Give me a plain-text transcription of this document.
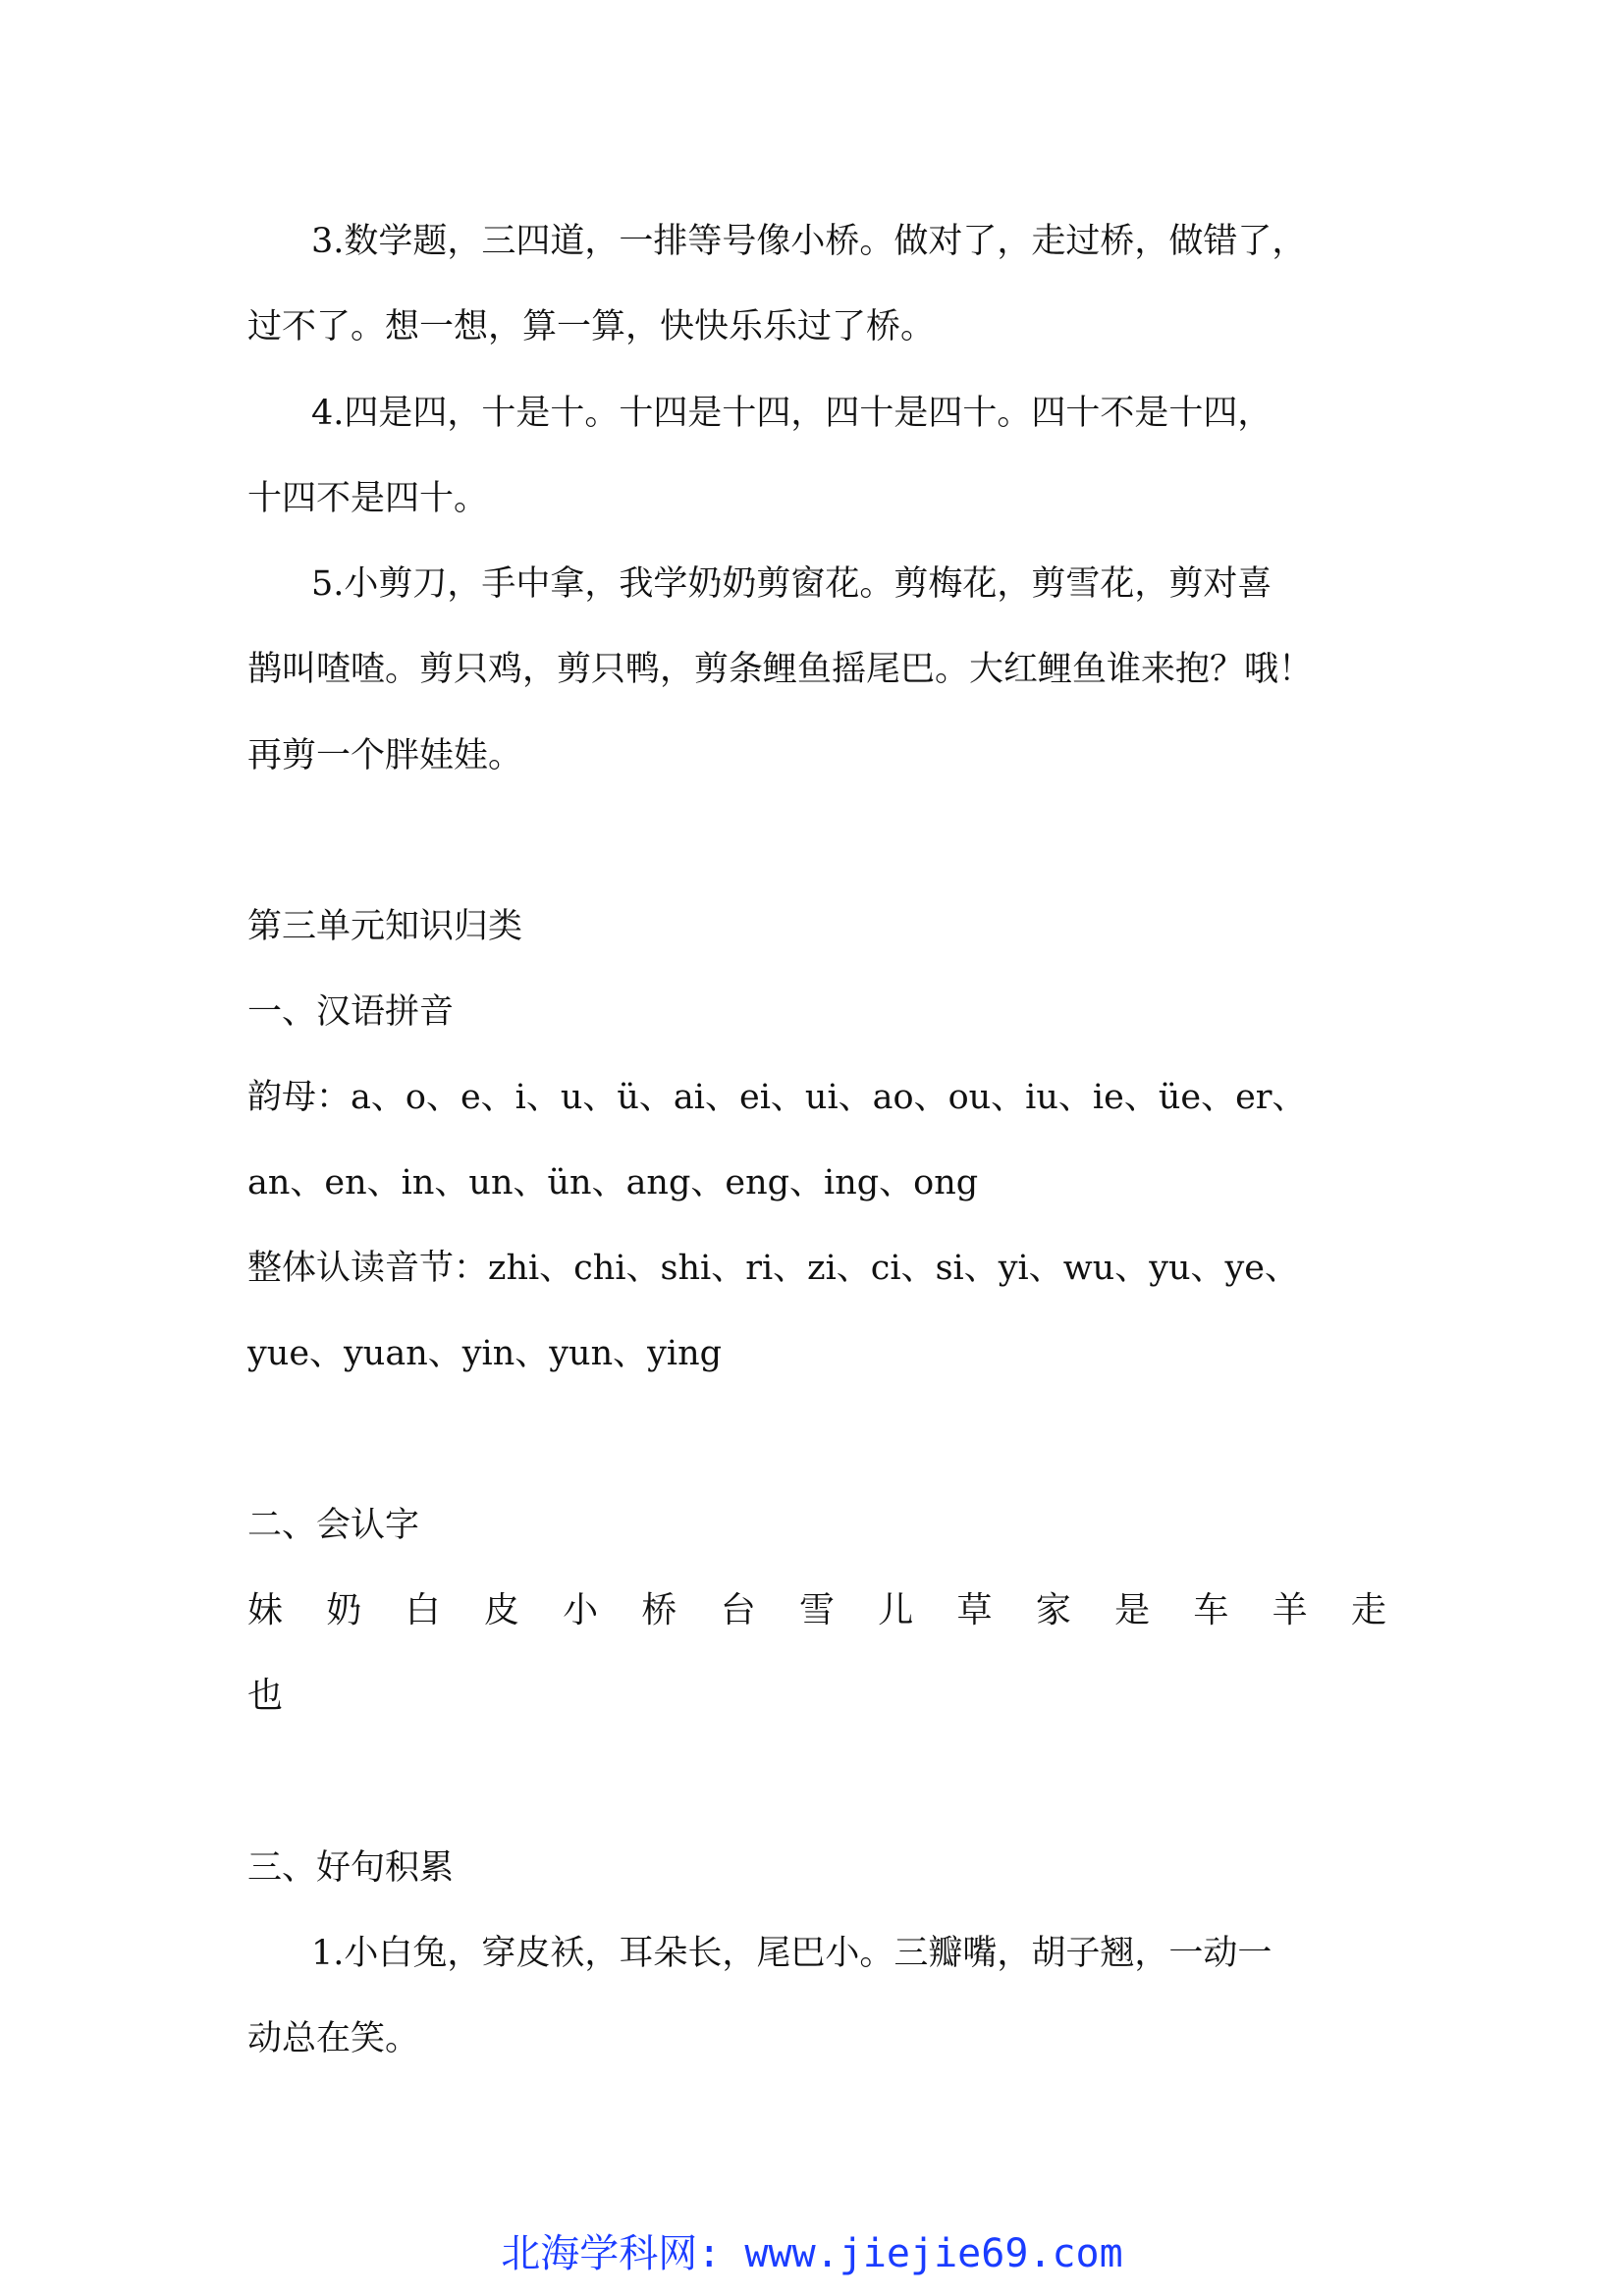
3.数学题，三四道，一排等号像小桥。做对了，走过桥，做错了，
过不了。想一想，算一算，快快乐乐过了桥。
4.四是四，十是十。十四是十四，四十是四十。四十不是十四，
十四不是四十。
5.小剪刀，手中拿，我学奶奶剪窗花。剪梅花，剪雪花，剪对喜
鹊叫喳喳。剪只鸡，剪只鸭，剪条鲤鱼摇尾巴。大红鲤鱼谁来抱？哦！
再剪一个胖娃娃。
第三单元知识归类
一、汉语拼音
韵母：a、o、e、i、u、ü、ai、ei、ui、ao、ou、iu、ie、üe、er、
an、en、in、un、ün、ang、eng、ing、ong
整体认读音节：zhi、chi、shi、ri、zi、ci、si、yi、wu、yu、ye、
yue、yuan、yin、yun、ying
二、会认字
妹 奶 白 皮 小 桥 台 雪 儿 草 家 是 车 羊 走
也
三、好句积累
1.小白兔，穿皮袄，耳朵长，尾巴小。三瓣嘴，胡子翘，一动一
动总在笑。
北海学科网: www.jiejie69.com
